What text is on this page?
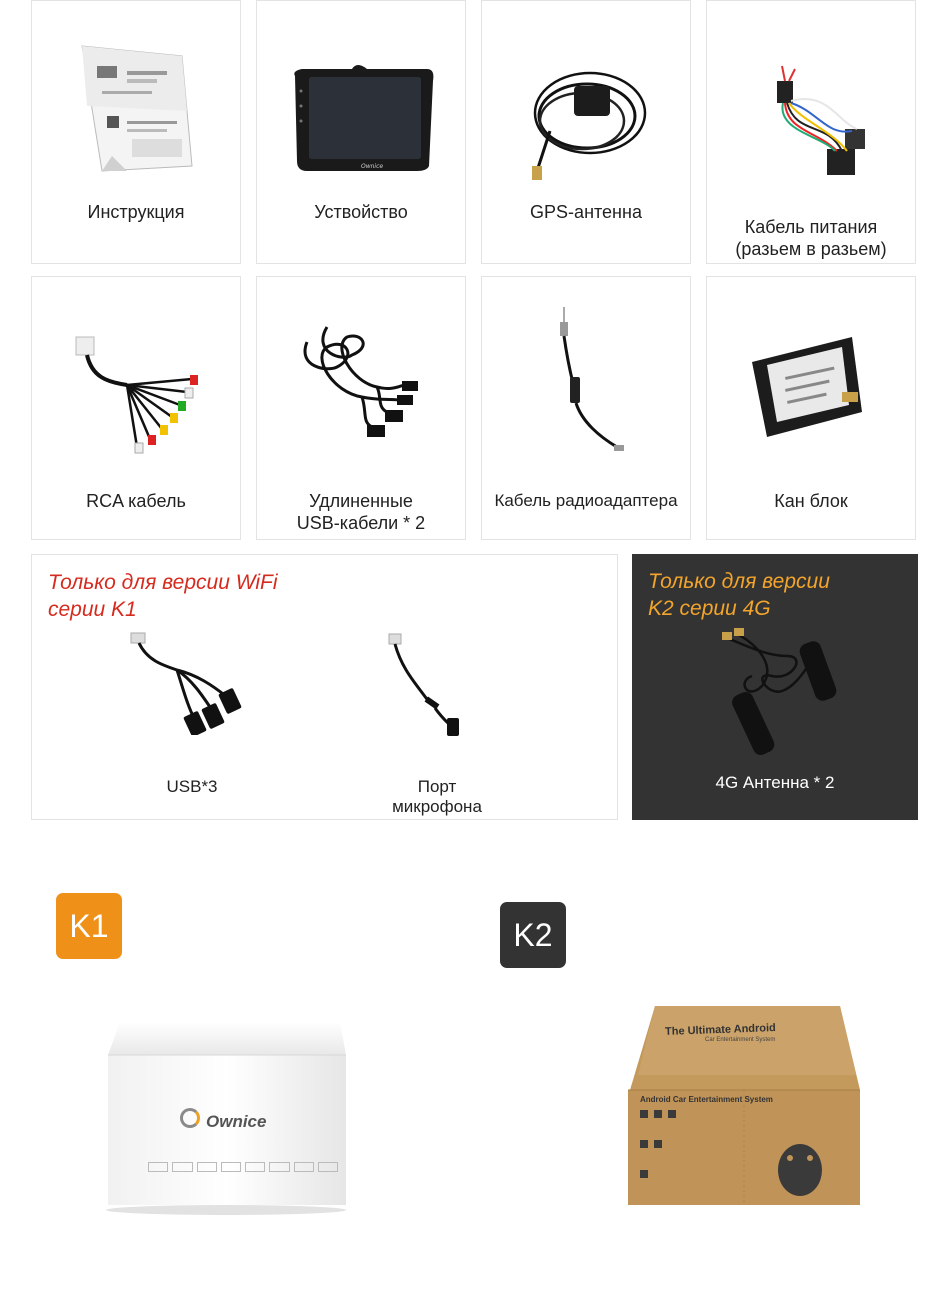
Инструкция
Ownice
Уствойство	GPS-антенна
Кабель питания
(разьем в разьем)
RCA кабель	Удлиненные
USB-кабели * 2
Кабель радиоадаптера	Кан блок
Только для версии WiFi
серии K1
USB*3	Порт
микрофона
Только для версии
K2 серии 4G
4G Антенна * 2
K1	K2
Ownice
The Ultimate Android
Car Entertainment System
Android Car Entertainment System
